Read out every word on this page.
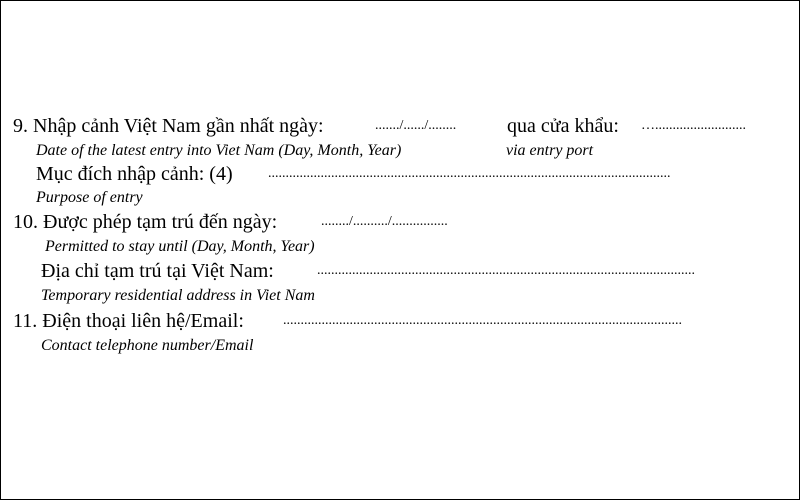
9. Nhập cảnh Việt Nam gần nhất ngày:

	......./....../........

	qua cửa khẩu:

…..........................

Date of the latest entry into Viet Nam (Day, Month, Year)

	via entry port

Mục đích nhập cảnh: (4)

	...................................................................................................................

Purpose of entry

10. Được phép tạm trú đến ngày:

	......../........../................

Permitted to stay until (Day, Month, Year)

Địa chỉ tạm trú tại Việt Nam:

	............................................................................................................

Temporary residential address in Viet Nam

11. Điện thoại liên hệ/Email:

	..................................................................................................................

Contact telephone number/Email
